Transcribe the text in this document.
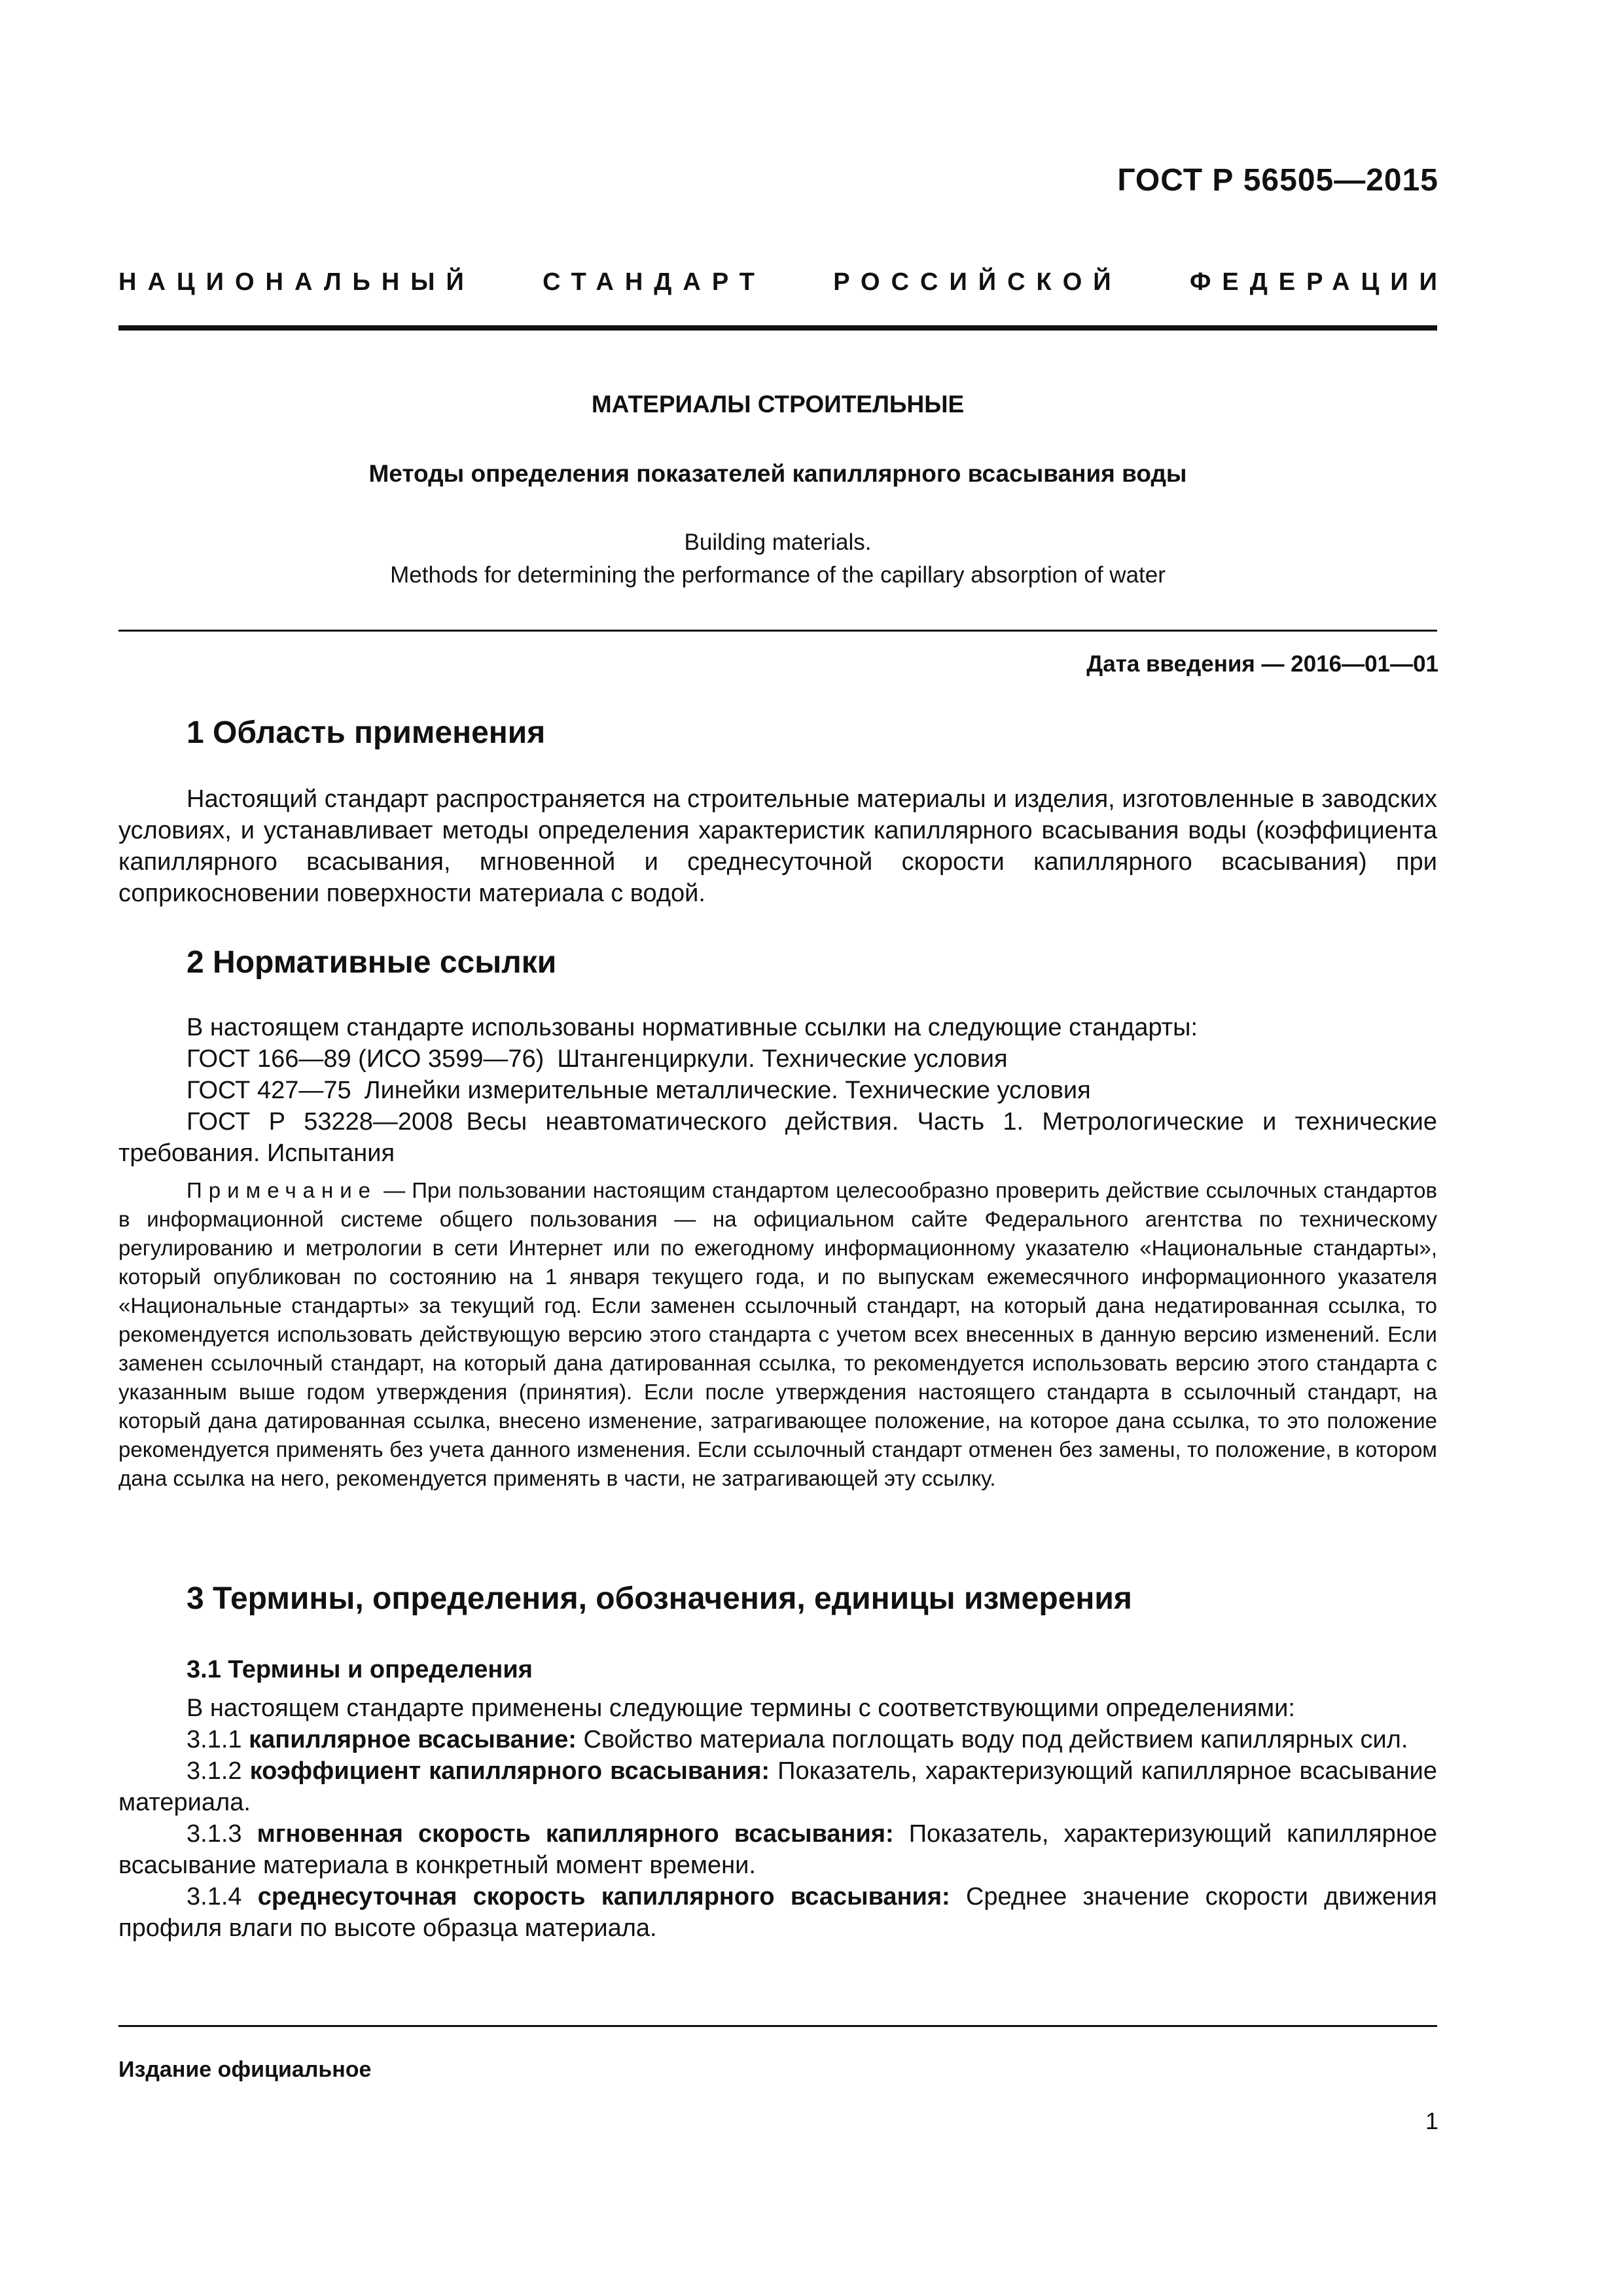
ГОСТ Р 56505—2015
НАЦИОНАЛЬНЫЙ	СТАНДАРТ	РОССИЙСКОЙ	ФЕДЕРАЦИИ
МАТЕРИАЛЫ СТРОИТЕЛЬНЫЕ
Методы определения показателей капиллярного всасывания воды
Building materials.
Methods for determining the performance of the capillary absorption of water
Дата введения — 2016—01—01
1 Область применения

Настоящий стандарт распространяется на строительные материалы и изделия, изготовленные в заводских условиях, и устанавливает методы определения характеристик капиллярного всасывания воды (коэффициента капиллярного всасывания, мгновенной и среднесуточной скорости капиллярного всасывания) при соприкосновении поверхности материала с водой.

2 Нормативные ссылки
В настоящем стандарте использованы нормативные ссылки на следующие стандарты:
ГОСТ 166—89 (ИСО 3599—76) Штангенциркули. Технические условия
ГОСТ 427—75 Линейки измерительные металлические. Технические условия

ГОСТ Р 53228—2008 Весы неавтоматического действия. Часть 1. Метрологические и технические требования. Испытания

Примечание — При пользовании настоящим стандартом целесообразно проверить действие ссылочных стандартов в информационной системе общего пользования — на официальном сайте Федерального агентства по техническому регулированию и метрологии в сети Интернет или по ежегодному информационному указателю «Национальные стандарты», который опубликован по состоянию на 1 января текущего года, и по выпускам ежемесячного информационного указателя «Национальные стандарты» за текущий год. Если заменен ссылочный стандарт, на который дана недатированная ссылка, то рекомендуется использовать действующую версию этого стандарта с учетом всех внесенных в данную версию изменений. Если заменен ссылочный стандарт, на который дана датированная ссылка, то рекомендуется использовать версию этого стандарта с указанным выше годом утверждения (принятия). Если после утверждения настоящего стандарта в ссылочный стандарт, на который дана датированная ссылка, внесено изменение, затрагивающее положение, на которое дана ссылка, то это положение рекомендуется применять без учета данного изменения. Если ссылочный стандарт отменен без замены, то положение, в котором дана ссылка на него, рекомендуется применять в части, не затрагивающей эту ссылку.

3 Термины, определения, обозначения, единицы измерения
3.1 Термины и определения

В настоящем стандарте применены следующие термины с соответствующими определениями:

3.1.1 капиллярное всасывание: Свойство материала поглощать воду под действием капиллярных сил.

3.1.2 коэффициент капиллярного всасывания: Показатель, характеризующий капиллярное всасывание материала.

3.1.3 мгновенная скорость капиллярного всасывания: Показатель, характеризующий капиллярное всасывание материала в конкретный момент времени.

3.1.4 среднесуточная скорость капиллярного всасывания: Среднее значение скорости движения профиля влаги по высоте образца материала.

Издание официальное
1
